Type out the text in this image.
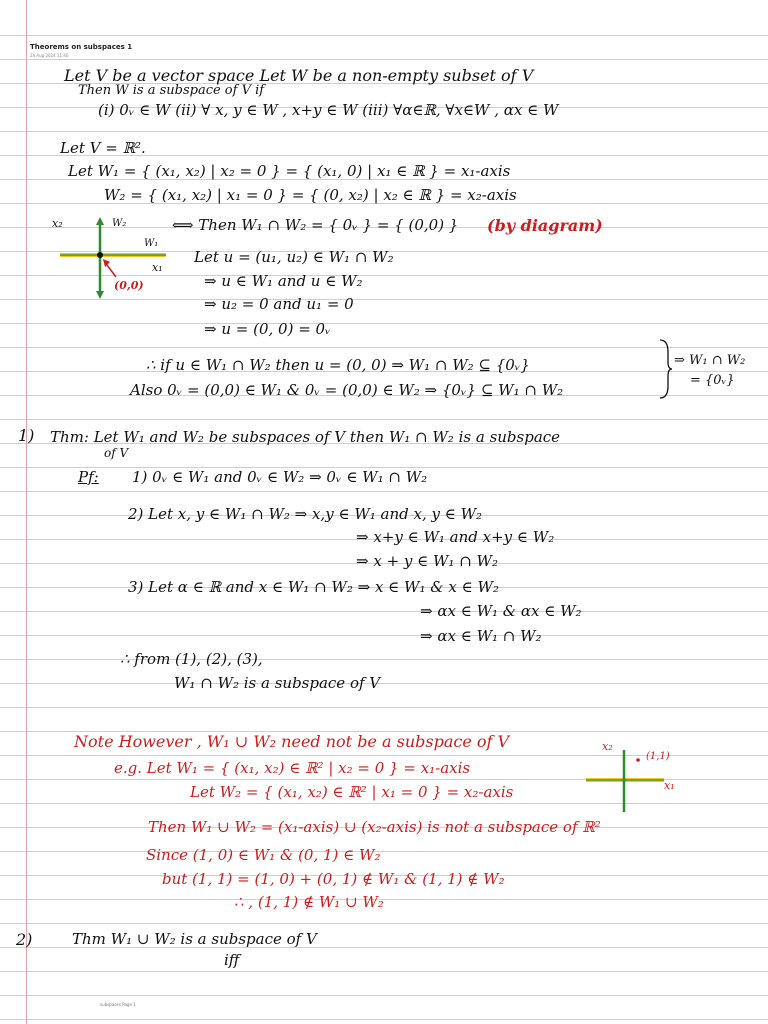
Theorems on subspaces 1
24 Aug 2024 11:40
Let V be a vector space Let W be a non-empty subset of V
Then W is a subspace of V if
(i) 0ᵥ ∈ W (ii) ∀ x, y ∈ W , x+y ∈ W (iii) ∀α∈ℝ, ∀x∈W , αx ∈ W
Let V = ℝ².
Let W₁ = { (x₁, x₂) | x₂ = 0 } = { (x₁, 0) | x₁ ∈ ℝ } = x₁-axis
W₂ = { (x₁, x₂) | x₁ = 0 } = { (0, x₂) | x₂ ∈ ℝ } = x₂-axis
x₂	W₂
W₁
x₁
(0,0)
⟺ Then W₁ ∩ W₂ = { 0ᵥ } = { (0,0) } (by diagram)
Let u = (u₁, u₂) ∈ W₁ ∩ W₂
⇒ u ∈ W₁ and u ∈ W₂
⇒ u₂ = 0 and u₁ = 0
⇒ u = (0, 0) = 0ᵥ
∴ if u ∈ W₁ ∩ W₂ then u = (0, 0) ⇒ W₁ ∩ W₂ ⊆ {0ᵥ}
Also 0ᵥ = (0,0) ∈ W₁ & 0ᵥ = (0,0) ∈ W₂ ⇒ {0ᵥ} ⊆ W₁ ∩ W₂
⇒ W₁ ∩ W₂
= {0ᵥ}
1) Thm: Let W₁ and W₂ be subspaces of V then W₁ ∩ W₂ is a subspace
of V
Pf: 1) 0ᵥ ∈ W₁ and 0ᵥ ∈ W₂ ⇒ 0ᵥ ∈ W₁ ∩ W₂
2) Let x, y ∈ W₁ ∩ W₂ ⇒ x,y ∈ W₁ and x, y ∈ W₂
⇒ x+y ∈ W₁ and x+y ∈ W₂
⇒ x + y ∈ W₁ ∩ W₂
3) Let α ∈ ℝ and x ∈ W₁ ∩ W₂ ⇒ x ∈ W₁ & x ∈ W₂
⇒ αx ∈ W₁ & αx ∈ W₂
⇒ αx ∈ W₁ ∩ W₂
∴ from (1), (2), (3),
W₁ ∩ W₂ is a subspace of V
Note However , W₁ ∪ W₂ need not be a subspace of V
e.g. Let W₁ = { (x₁, x₂) ∈ ℝ² | x₂ = 0 } = x₁-axis
Let W₂ = { (x₁, x₂) ∈ ℝ² | x₁ = 0 } = x₂-axis
x₂
(1,1)
x₁
Then W₁ ∪ W₂ = (x₁-axis) ∪ (x₂-axis) is not a subspace of ℝ²
Since (1, 0) ∈ W₁ & (0, 1) ∈ W₂
but (1, 1) = (1, 0) + (0, 1) ∉ W₁ & (1, 1) ∉ W₂
∴ , (1, 1) ∉ W₁ ∪ W₂
2)	Thm W₁ ∪ W₂ is a subspace of V
iff
subspaces Page 1
